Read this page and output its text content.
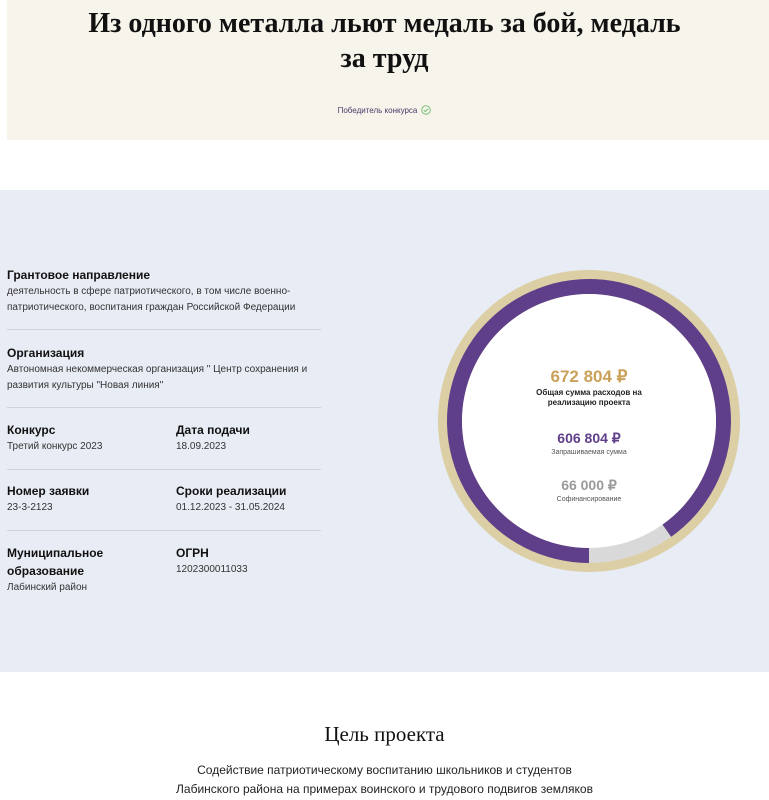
Из одного металла льют медаль за бой, медаль
за труд
Победитель конкурса
Грантовое направление
деятельность в сфере патриотического, в том числе военно-
патриотического, воспитания граждан Российской Федерации
Организация
Автономная некоммерческая организация " Центр сохранения и
развития культуры "Новая линия"
Конкурс
Третий конкурс 2023
Дата подачи
18.09.2023
Номер заявки
23-3-2123
Сроки реализации
01.12.2023 - 31.05.2024
Муниципальное
образование
Лабинский район
ОГРН
1202300011033
672 804 ₽
Общая сумма расходов на
реализацию проекта
606 804 ₽
Запрашиваемая сумма
66 000 ₽
Софинансирование
Цель проекта
Содействие патриотическому воспитанию школьников и студентов
Лабинского района на примерах воинского и трудового подвигов земляков
